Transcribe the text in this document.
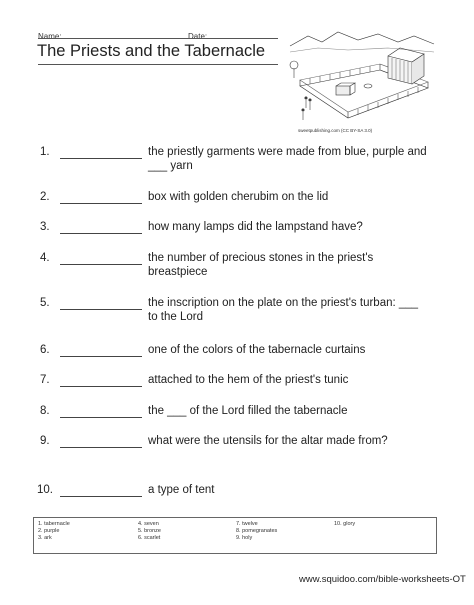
Name:	Date:
The Priests and the Tabernacle
sweetpublishing.com (CC BY-SA 3.0)
1.	the priestly garments were made from blue, purple and ___ yarn
2.	box with golden cherubim on the lid
3.	how many lamps did the lampstand have?
4.	the number of precious stones in the priest's breastpiece
5.	the inscription on the plate on the priest's turban: ___ to the Lord
6.	one of the colors of the tabernacle curtains
7.	attached to the hem of the priest's tunic
8.	the ___ of the Lord filled the tabernacle
9.	what were the utensils for the altar made from?
10.	a type of tent
1. tabernacle
2. purple
3. ark
4. seven
5. bronze
6. scarlet
7. twelve
8. pomegranates
9. holy
10. glory
www.squidoo.com/bible-worksheets-OT
